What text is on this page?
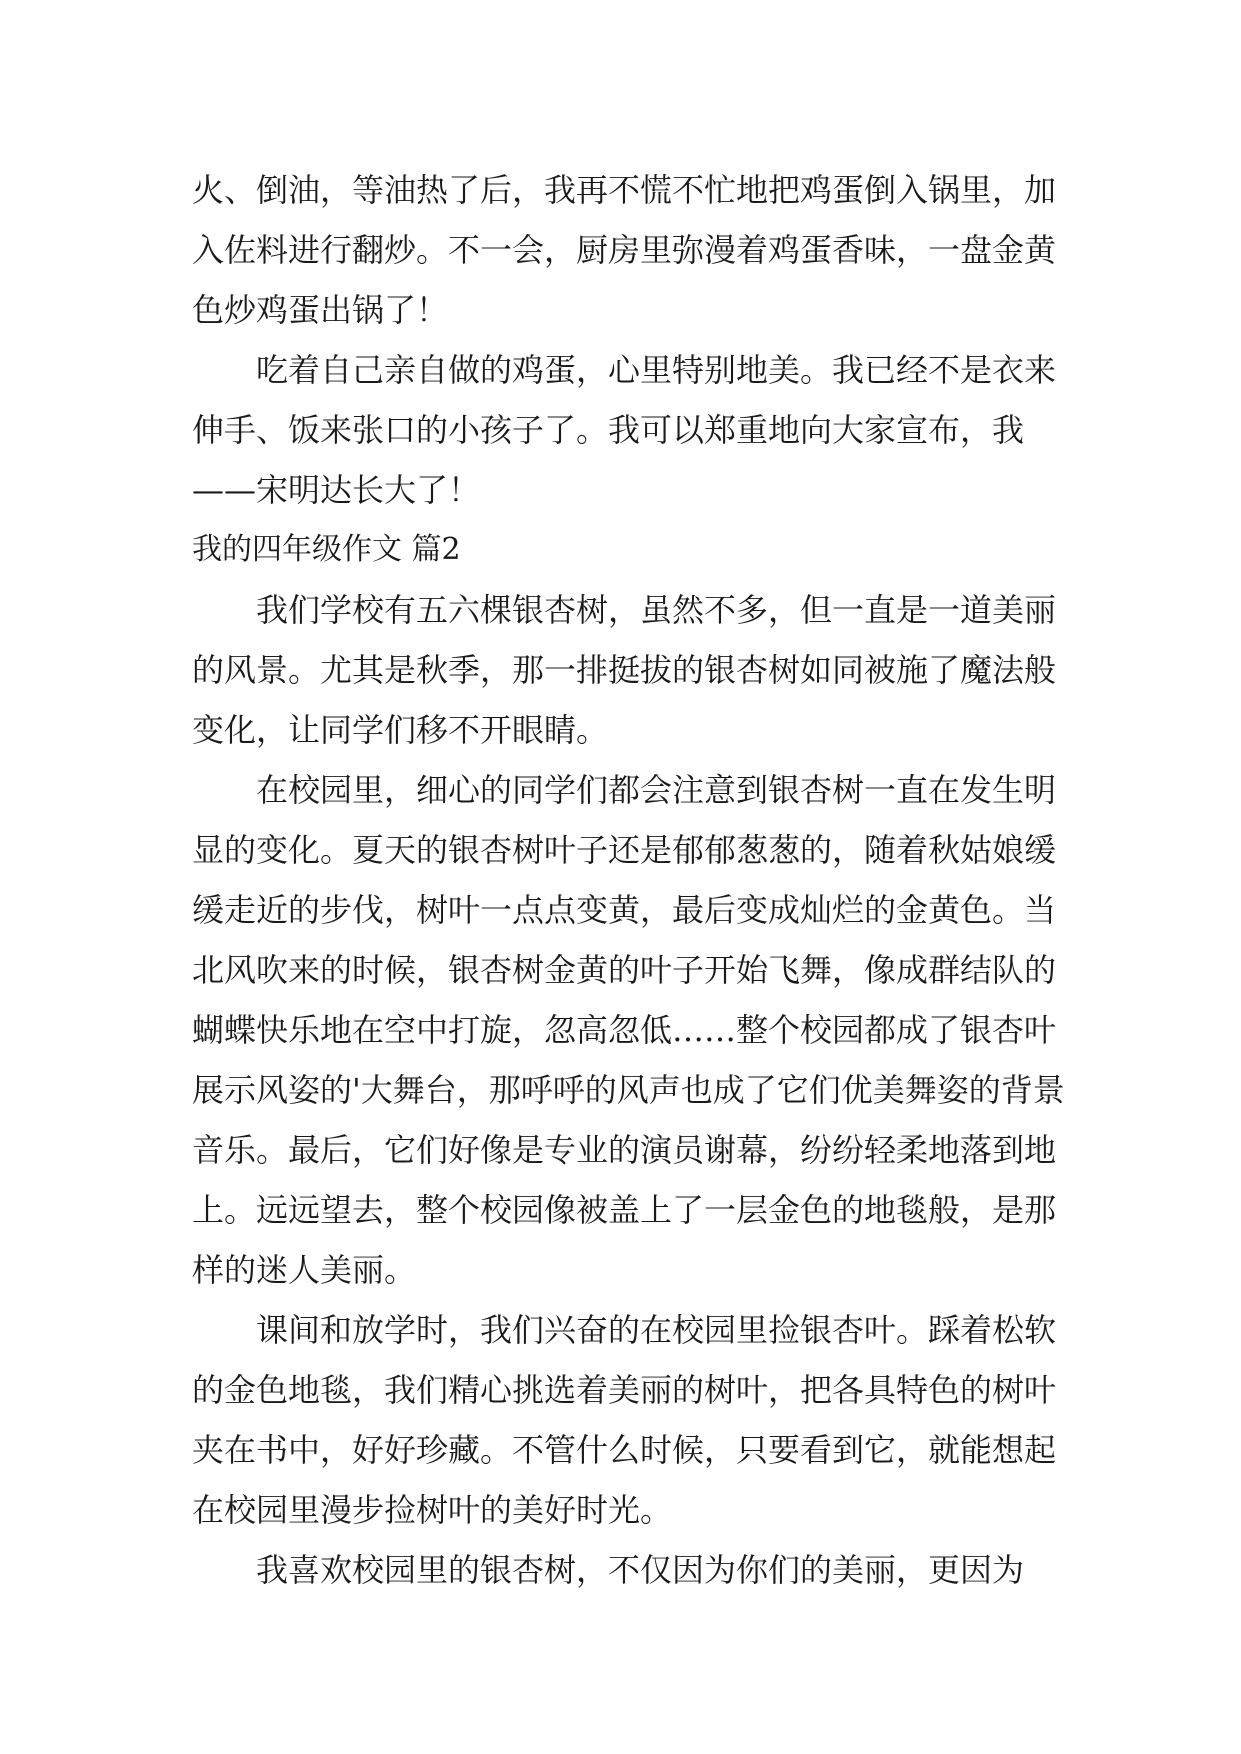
火、倒油，等油热了后，我再不慌不忙地把鸡蛋倒入锅里，加入佐料进行翻炒。不一会，厨房里弥漫着鸡蛋香味，一盘金黄色炒鸡蛋出锅了！

吃着自己亲自做的鸡蛋，心里特别地美。我已经不是衣来伸手、饭来张口的小孩子了。我可以郑重地向大家宣布，我——宋明达长大了！

我的四年级作文 篇2

我们学校有五六棵银杏树，虽然不多，但一直是一道美丽的风景。尤其是秋季，那一排挺拔的银杏树如同被施了魔法般变化，让同学们移不开眼睛。

在校园里，细心的同学们都会注意到银杏树一直在发生明显的变化。夏天的银杏树叶子还是郁郁葱葱的，随着秋姑娘缓缓走近的步伐，树叶一点点变黄，最后变成灿烂的金黄色。当北风吹来的时候，银杏树金黄的叶子开始飞舞，像成群结队的蝴蝶快乐地在空中打旋，忽高忽低……整个校园都成了银杏叶展示风姿的'大舞台，那呼呼的风声也成了它们优美舞姿的背景音乐。最后，它们好像是专业的演员谢幕，纷纷轻柔地落到地上。远远望去，整个校园像被盖上了一层金色的地毯般，是那样的迷人美丽。

课间和放学时，我们兴奋的在校园里捡银杏叶。踩着松软的金色地毯，我们精心挑选着美丽的树叶，把各具特色的树叶夹在书中，好好珍藏。不管什么时候，只要看到它，就能想起在校园里漫步捡树叶的美好时光。

我喜欢校园里的银杏树，不仅因为你们的美丽，更因为
